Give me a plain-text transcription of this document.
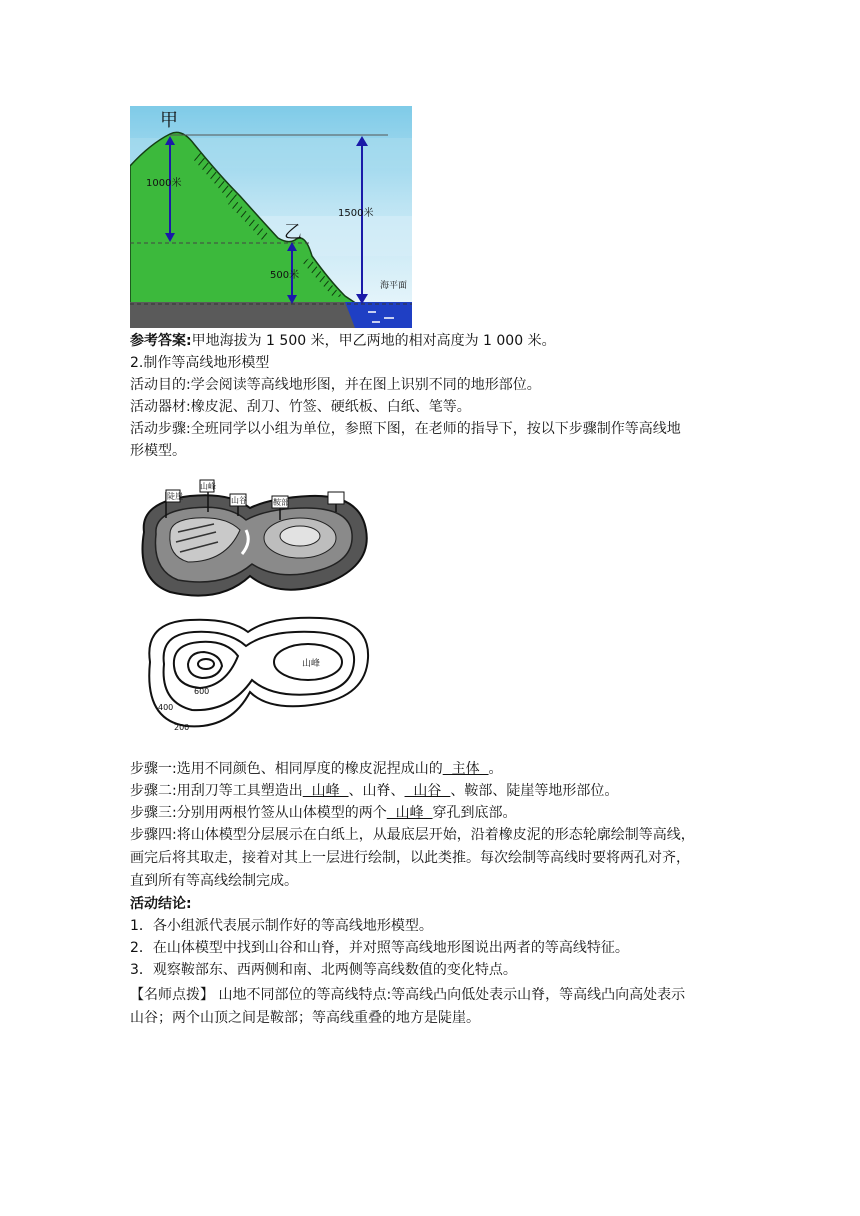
甲
乙
1000米
1500米
500米
海平面
参考答案:甲地海拔为 1 500 米，甲乙两地的相对高度为 1 000 米。
2.制作等高线地形模型
活动目的:学会阅读等高线地形图，并在图上识别不同的地形部位。
活动器材:橡皮泥、刮刀、竹签、硬纸板、白纸、笔等。
活动步骤:全班同学以小组为单位，参照下图，在老师的指导下，按以下步骤制作等高线地
形模型。
山峰
山谷	鞍部
陡崖
400
200
600
山峰
步骤一:选用不同颜色、相同厚度的橡皮泥捏成山的  主体  。
步骤二:用刮刀等工具塑造出  山峰  、山脊、  山谷  、鞍部、陡崖等地形部位。
步骤三:分别用两根竹签从山体模型的两个  山峰  穿孔到底部。
步骤四:将山体模型分层展示在白纸上，从最底层开始，沿着橡皮泥的形态轮廓绘制等高线，
画完后将其取走，接着对其上一层进行绘制，以此类推。每次绘制等高线时要将两孔对齐，
直到所有等高线绘制完成。
活动结论:
1．各小组派代表展示制作好的等高线地形模型。
2．在山体模型中找到山谷和山脊，并对照等高线地形图说出两者的等高线特征。
3．观察鞍部东、西两侧和南、北两侧等高线数值的变化特点。
【名师点拨】 山地不同部位的等高线特点:等高线凸向低处表示山脊，等高线凸向高处表示
山谷；两个山顶之间是鞍部；等高线重叠的地方是陡崖。
